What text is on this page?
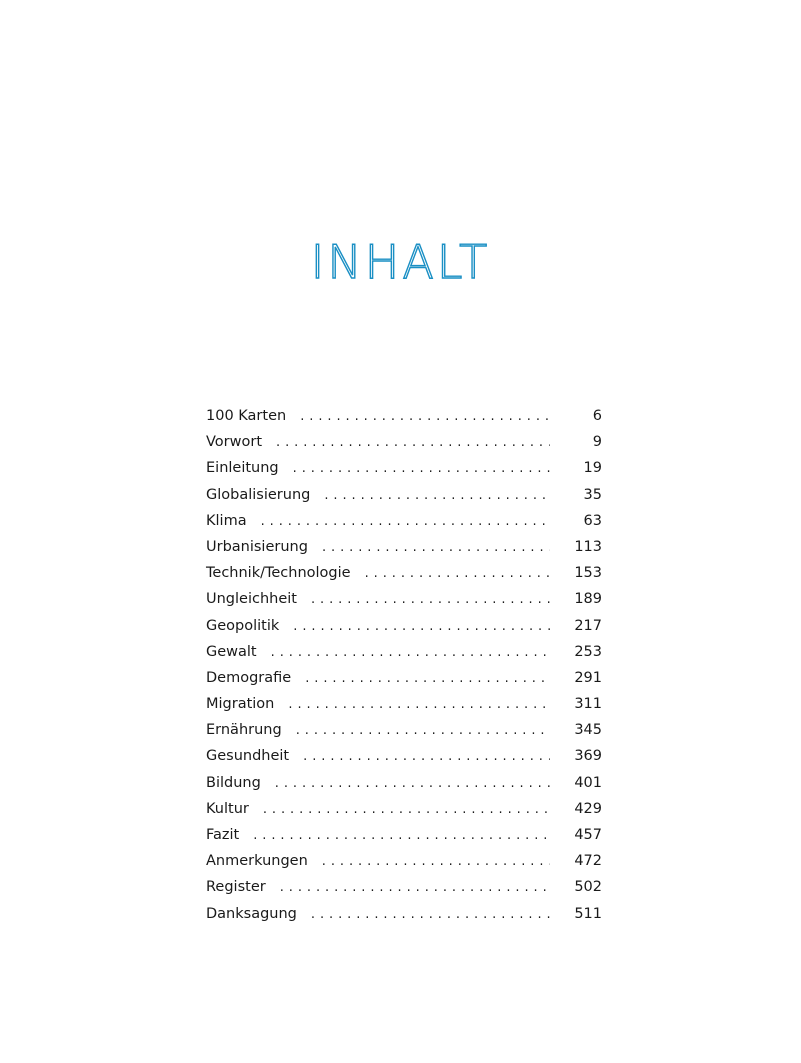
INHALT
100 Karten . . .	6
Vorwort . . .	9
Einleitung . . .	19
Globalisierung . . .	35
Klima . . .	63
Urbanisierung . . .	113
Technik/Technologie . . .	153
Ungleichheit . . .	189
Geopolitik . . .	217
Gewalt . . .	253
Demografie . . .	291
Migration . . .	311
Ernährung . . .	345
Gesundheit . . .	369
Bildung . . .	401
Kultur . . .	429
Fazit . . .	457
Anmerkungen . . .	472
Register . . .	502
Danksagung . . .	511
